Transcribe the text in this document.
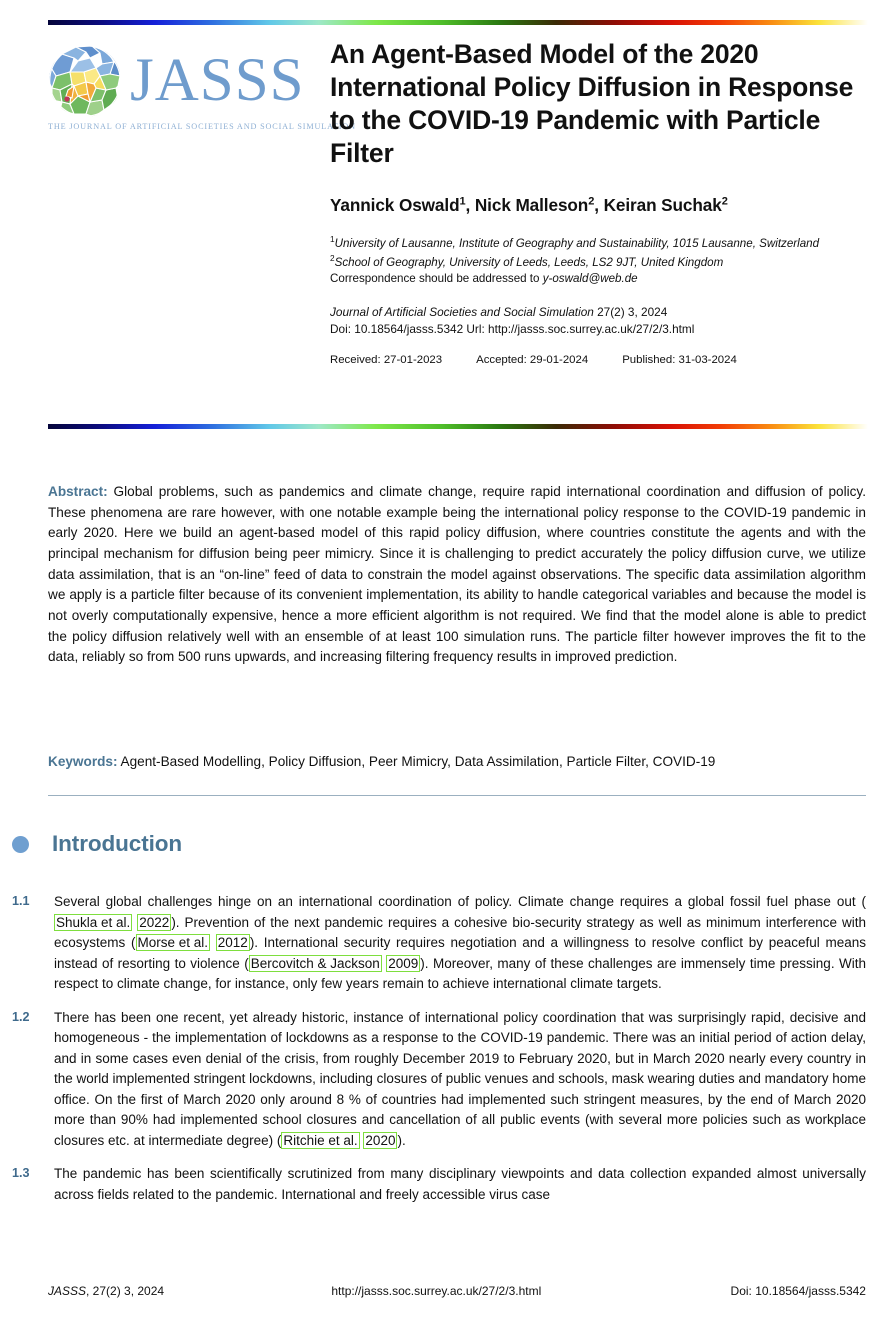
JASSS
THE JOURNAL OF ARTIFICIAL SOCIETIES AND SOCIAL SIMULATION
An Agent-Based Model of the 2020 International Policy Diffusion in Response to the COVID-19 Pandemic with Particle Filter
Yannick Oswald$^1$, Nick Malleson$^2$, Keiran Suchak$^2$
$^1$University of Lausanne, Institute of Geography and Sustainability, 1015 Lausanne, Switzerland
$^2$School of Geography, University of Leeds, Leeds, LS2 9JT, United Kingdom
Correspondence should be addressed to y-oswald@web.de
Journal of Artificial Societies and Social Simulation 27(2) 3, 2024
Doi: 10.18564/jasss.5342 Url: http://jasss.soc.surrey.ac.uk/27/2/3.html
Received: 27-01-2023	Accepted: 29-01-2024	Published: 31-03-2024
Abstract: Global problems, such as pandemics and climate change, require rapid international coordination and diffusion of policy. These phenomena are rare however, with one notable example being the international policy response to the COVID-19 pandemic in early 2020. Here we build an agent-based model of this rapid policy diffusion, where countries constitute the agents and with the principal mechanism for diffusion being peer mimicry. Since it is challenging to predict accurately the policy diffusion curve, we utilize data assimilation, that is an “on-line” feed of data to constrain the model against observations. The specific data assimilation algorithm we apply is a particle filter because of its convenient implementation, its ability to handle categorical variables and because the model is not overly computationally expensive, hence a more efficient algorithm is not required. We find that the model alone is able to predict the policy diffusion relatively well with an ensemble of at least 100 simulation runs. The particle filter however improves the fit to the data, reliably so from 500 runs upwards, and increasing filtering frequency results in improved prediction.
Keywords: Agent-Based Modelling, Policy Diffusion, Peer Mimicry, Data Assimilation, Particle Filter, COVID-19
Introduction
1.1	Several global challenges hinge on an international coordination of policy. Climate change requires a global fossil fuel phase out (Shukla et al. 2022 ). Prevention of the next pandemic requires a cohesive bio-security strategy as well as minimum interference with ecosystems ( Morse et al. 2012 ). International security requires negotiation and a willingness to resolve conflict by peaceful means instead of resorting to violence ( Bercovitch & Jackson 2009 ). Moreover, many of these challenges are immensely time pressing. With respect to climate change, for instance, only few years remain to achieve international climate targets.
1.2	There has been one recent, yet already historic, instance of international policy coordination that was surprisingly rapid, decisive and homogeneous - the implementation of lockdowns as a response to the COVID-19 pandemic. There was an initial period of action delay, and in some cases even denial of the crisis, from roughly December 2019 to February 2020, but in March 2020 nearly every country in the world implemented stringent lockdowns, including closures of public venues and schools, mask wearing duties and mandatory home office. On the first of March 2020 only around 8 % of countries had implemented such stringent measures, by the end of March 2020 more than 90% had implemented school closures and cancellation of all public events (with several more policies such as workplace closures etc. at intermediate degree) ( Ritchie et al. 2020 ).
1.3	The pandemic has been scientifically scrutinized from many disciplinary viewpoints and data collection expanded almost universally across fields related to the pandemic. International and freely accessible virus case
JASSS, 27(2) 3, 2024	http://jasss.soc.surrey.ac.uk/27/2/3.html	Doi: 10.18564/jasss.5342
